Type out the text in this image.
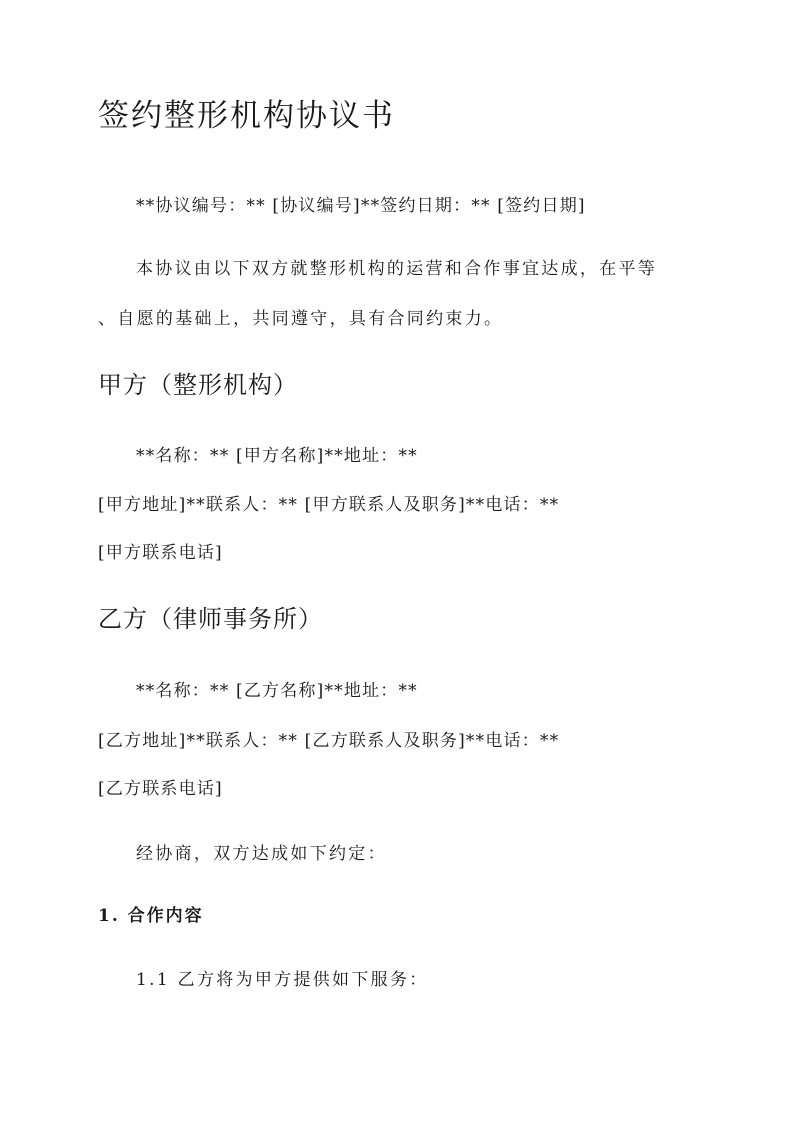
签约整形机构协议书

**协议编号：** [协议编号]**签约日期：** [签约日期]

本协议由以下双方就整形机构的运营和合作事宜达成，在平等

、自愿的基础上，共同遵守，具有合同约束力。

甲方（整形机构）

**名称：** [甲方名称]**地址：**

[甲方地址]**联系人：** [甲方联系人及职务]**电话：**

[甲方联系电话]

乙方（律师事务所）

**名称：** [乙方名称]**地址：**

[乙方地址]**联系人：** [乙方联系人及职务]**电话：**

[乙方联系电话]

经协商，双方达成如下约定：

1. 合作内容

1.1 乙方将为甲方提供如下服务：
